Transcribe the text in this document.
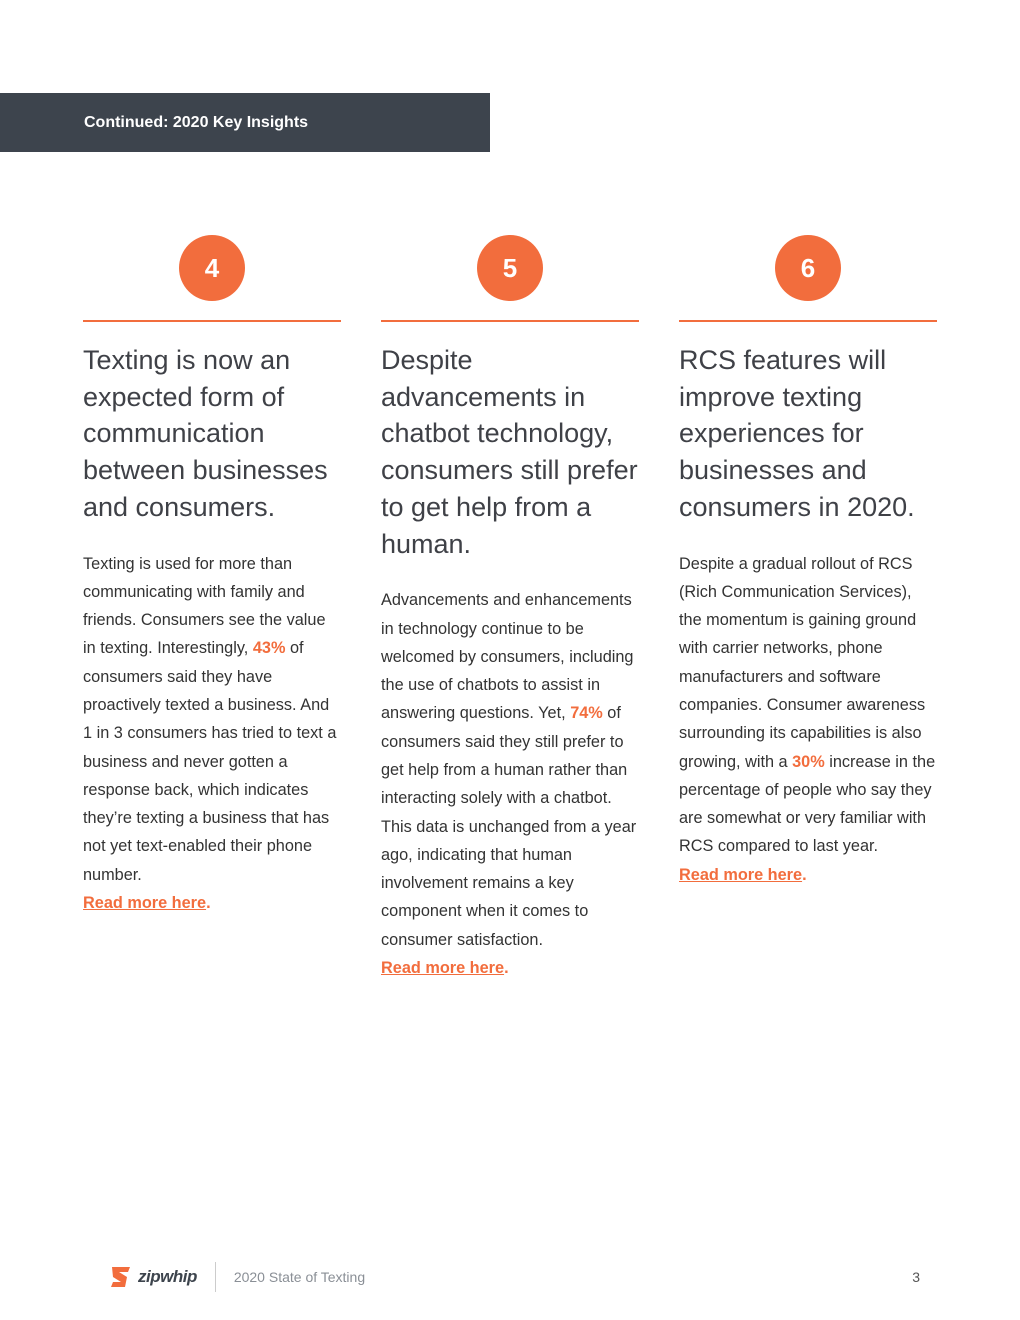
Continued: 2020 Key Insights
4
Texting is now an expected form of communication between businesses and consumers.
Texting is used for more than communicating with family and friends. Consumers see the value in texting. Interestingly, 43% of consumers said they have proactively texted a business. And 1 in 3 consumers has tried to text a business and never gotten a response back, which indicates they’re texting a business that has not yet text-enabled their phone number.
Read more here.
5
Despite advancements in chatbot technology, consumers still prefer to get help from a human.
Advancements and enhancements in technology continue to be welcomed by consumers, including the use of chatbots to assist in answering questions. Yet, 74% of consumers said they still prefer to get help from a human rather than interacting solely with a chatbot. This data is unchanged from a year ago, indicating that human involvement remains a key component when it comes to consumer satisfaction.
Read more here.
6
RCS features will improve texting experiences for businesses and consumers in 2020.
Despite a gradual rollout of RCS (Rich Communication Services), the momentum is gaining ground with carrier networks, phone manufacturers and software companies. Consumer awareness surrounding its capabilities is also growing, with a 30% increase in the percentage of people who say they are somewhat or very familiar with RCS compared to last year.
Read more here.
zipwhip	2020 State of Texting	3
